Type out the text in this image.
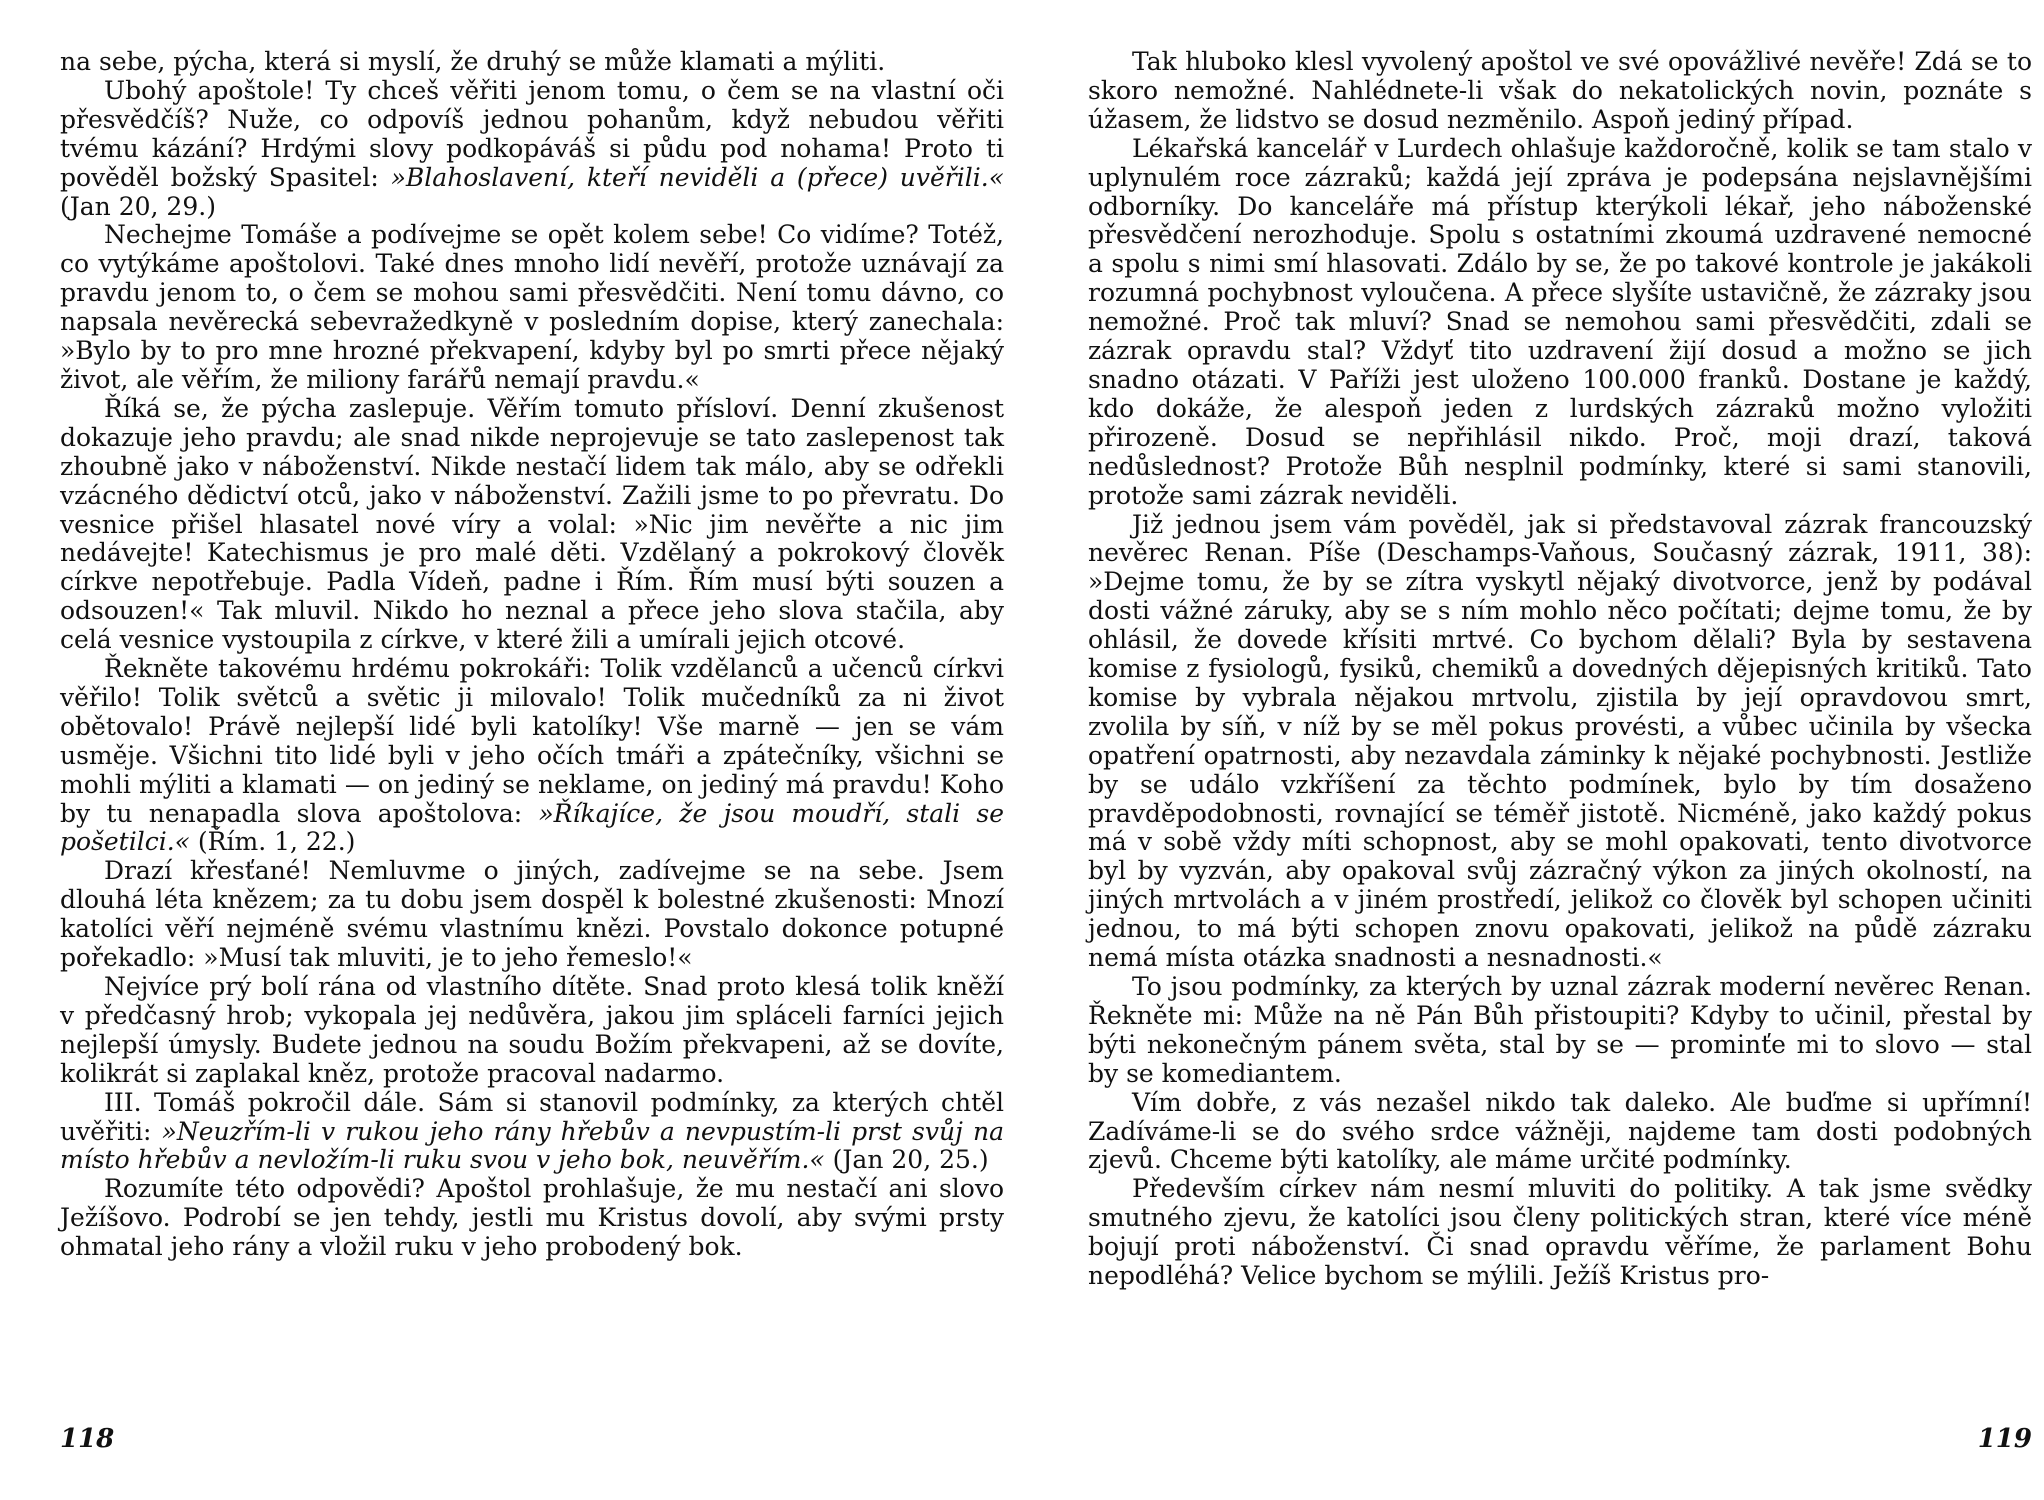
na sebe, pýcha, která si myslí, že druhý se může klamati a mýliti.

Ubohý apoštole! Ty chceš věřiti jenom tomu, o čem se na vlastní oči přesvědčíš? Nuže, co odpovíš jednou pohanům, když nebudou věřiti tvému kázání? Hrdými slovy podkopáváš si půdu pod nohama! Proto ti pověděl božský Spasitel: »Blahoslavení, kteří neviděli a (přece) uvěřili.« (Jan 20, 29.)

Nechejme Tomáše a podívejme se opět kolem sebe! Co vidíme? Totéž, co vytýkáme apoštolovi. Také dnes mnoho lidí nevěří, protože uznávají za pravdu jenom to, o čem se mohou sami přesvědčiti. Není tomu dávno, co napsala nevěrecká sebevražedkyně v posledním dopise, který zanechala: »Bylo by to pro mne hrozné překvapení, kdyby byl po smrti přece nějaký život, ale věřím, že miliony farářů nemají pravdu.«

Říká se, že pýcha zaslepuje. Věřím tomuto přísloví. Denní zkušenost dokazuje jeho pravdu; ale snad nikde neprojevuje se tato zaslepenost tak zhoubně jako v náboženství. Nikde nestačí lidem tak málo, aby se odřekli vzácného dědictví otců, jako v náboženství. Zažili jsme to po převratu. Do vesnice přišel hlasatel nové víry a volal: »Nic jim nevěřte a nic jim nedávejte! Katechismus je pro malé děti. Vzdělaný a pokrokový člověk církve nepotřebuje. Padla Vídeň, padne i Řím. Řím musí býti souzen a odsouzen!« Tak mluvil. Nikdo ho neznal a přece jeho slova stačila, aby celá vesnice vystoupila z církve, v které žili a umírali jejich otcové.

Řekněte takovému hrdému pokrokáři: Tolik vzdělanců a učenců církvi věřilo! Tolik světců a světic ji milovalo! Tolik mučedníků za ni život obětovalo! Právě nejlepší lidé byli katolíky! Vše marně — jen se vám usměje. Všichni tito lidé byli v jeho očích tmáři a zpátečníky, všichni se mohli mýliti a klamati — on jediný se neklame, on jediný má pravdu! Koho by tu nenapadla slova apoštolova: »Říkajíce, že jsou moudří, stali se pošetilci.« (Řím. 1, 22.)

Drazí křesťané! Nemluvme o jiných, zadívejme se na sebe. Jsem dlouhá léta knězem; za tu dobu jsem dospěl k bolestné zkušenosti: Mnozí katolíci věří nejméně svému vlastnímu knězi. Povstalo dokonce potupné pořekadlo: »Musí tak mluviti, je to jeho řemeslo!«

Nejvíce prý bolí rána od vlastního dítěte. Snad proto klesá tolik kněží v předčasný hrob; vykopala jej nedůvěra, jakou jim spláceli farníci jejich nejlepší úmysly. Budete jednou na soudu Božím překvapeni, až se dovíte, kolikrát si zaplakal kněz, protože pracoval nadarmo.

III. Tomáš pokročil dále. Sám si stanovil podmínky, za kterých chtěl uvěřiti: »Neuzřím-li v rukou jeho rány hřebův a nevpustím-li prst svůj na místo hřebův a nevložím-li ruku svou v jeho bok, neuvěřím.« (Jan 20, 25.)

Rozumíte této odpovědi? Apoštol prohlašuje, že mu nestačí ani slovo Ježíšovo. Podrobí se jen tehdy, jestli mu Kristus dovolí, aby svými prsty ohmatal jeho rány a vložil ruku v jeho probodený bok.

118

Tak hluboko klesl vyvolený apoštol ve své opovážlivé nevěře! Zdá se to skoro nemožné. Nahlédnete-li však do nekatolických novin, poznáte s úžasem, že lidstvo se dosud nezměnilo. Aspoň jediný případ.

Lékařská kancelář v Lurdech ohlašuje každoročně, kolik se tam stalo v uplynulém roce zázraků; každá její zpráva je podepsána nejslavnějšími odborníky. Do kanceláře má přístup kterýkoli lékař, jeho náboženské přesvědčení nerozhoduje. Spolu s ostatními zkoumá uzdravené nemocné a spolu s nimi smí hlasovati. Zdálo by se, že po takové kontrole je jakákoli rozumná pochybnost vyloučena. A přece slyšíte ustavičně, že zázraky jsou nemožné. Proč tak mluví? Snad se nemohou sami přesvědčiti, zdali se zázrak opravdu stal? Vždyť tito uzdravení žijí dosud a možno se jich snadno otázati. V Paříži jest uloženo 100.000 franků. Dostane je každý, kdo dokáže, že alespoň jeden z lurdských zázraků možno vyložiti přirozeně. Dosud se nepřihlásil nikdo. Proč, moji drazí, taková nedůslednost? Protože Bůh nesplnil podmínky, které si sami stanovili, protože sami zázrak neviděli.

Již jednou jsem vám pověděl, jak si představoval zázrak francouzský nevěrec Renan. Píše (Deschamps-Vaňous, Současný zázrak, 1911, 38): »Dejme tomu, že by se zítra vyskytl nějaký divotvorce, jenž by podával dosti vážné záruky, aby se s ním mohlo něco počítati; dejme tomu, že by ohlásil, že dovede křísiti mrtvé. Co bychom dělali? Byla by sestavena komise z fysiologů, fysiků, chemiků a dovedných dějepisných kritiků. Tato komise by vybrala nějakou mrtvolu, zjistila by její opravdovou smrt, zvolila by síň, v níž by se měl pokus provésti, a vůbec učinila by všecka opatření opatrnosti, aby nezavdala záminky k nějaké pochybnosti. Jestliže by se událo vzkříšení za těchto podmínek, bylo by tím dosaženo pravděpodobnosti, rovnající se téměř jistotě. Nicméně, jako každý pokus má v sobě vždy míti schopnost, aby se mohl opakovati, tento divotvorce byl by vyzván, aby opakoval svůj zázračný výkon za jiných okolností, na jiných mrtvolách a v jiném prostředí, jelikož co člověk byl schopen učiniti jednou, to má býti schopen znovu opakovati, jelikož na půdě zázraku nemá místa otázka snadnosti a nesnadnosti.«

To jsou podmínky, za kterých by uznal zázrak moderní nevěrec Renan. Řekněte mi: Může na ně Pán Bůh přistoupiti? Kdyby to učinil, přestal by býti nekonečným pánem světa, stal by se — prominťe mi to slovo — stal by se komediantem.

Vím dobře, z vás nezašel nikdo tak daleko. Ale buďme si upřímní! Zadíváme-li se do svého srdce vážněji, najdeme tam dosti podobných zjevů. Chceme býti katolíky, ale máme určité podmínky.

Především církev nám nesmí mluviti do politiky. A tak jsme svědky smutného zjevu, že katolíci jsou členy politických stran, které více méně bojují proti náboženství. Či snad opravdu věříme, že parlament Bohu nepodléhá? Velice bychom se mýlili. Ježíš Kristus pro-

119
